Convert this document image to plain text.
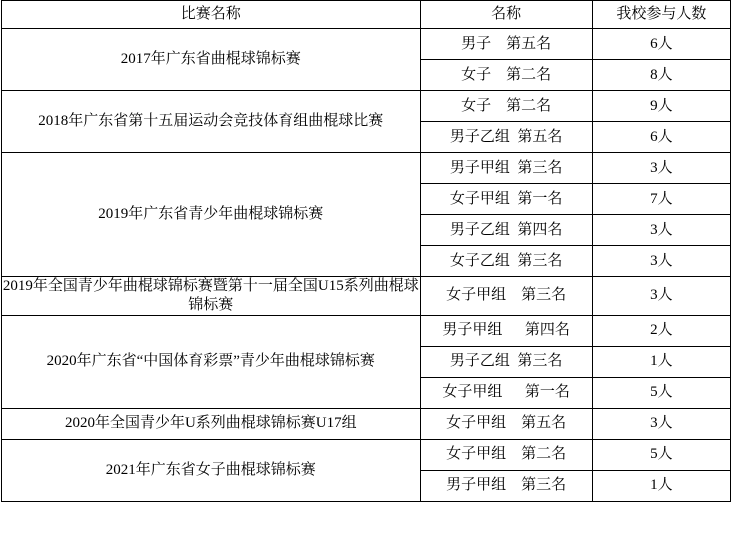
比赛名称	名称	我校参与人数
2017年广东省曲棍球锦标赛	男子    第五名	6人
	女子    第二名	8人
2018年广东省第十五届运动会竞技体育组曲棍球比赛	女子    第二名	9人
	男子乙组  第五名	6人
2019年广东省青少年曲棍球锦标赛	男子甲组  第三名	3人
	女子甲组  第一名	7人
	男子乙组  第四名	3人
	女子乙组  第三名	3人
2019年全国青少年曲棍球锦标赛暨第十一届全国U15系列曲棍球锦标赛	女子甲组    第三名	3人
2020年广东省“中国体育彩票”青少年曲棍球锦标赛	男子甲组      第四名	2人
	男子乙组  第三名	1人
	女子甲组      第一名	5人
2020年全国青少年U系列曲棍球锦标赛U17组	女子甲组    第五名	3人
2021年广东省女子曲棍球锦标赛	女子甲组    第二名	5人
	男子甲组    第三名	1人
